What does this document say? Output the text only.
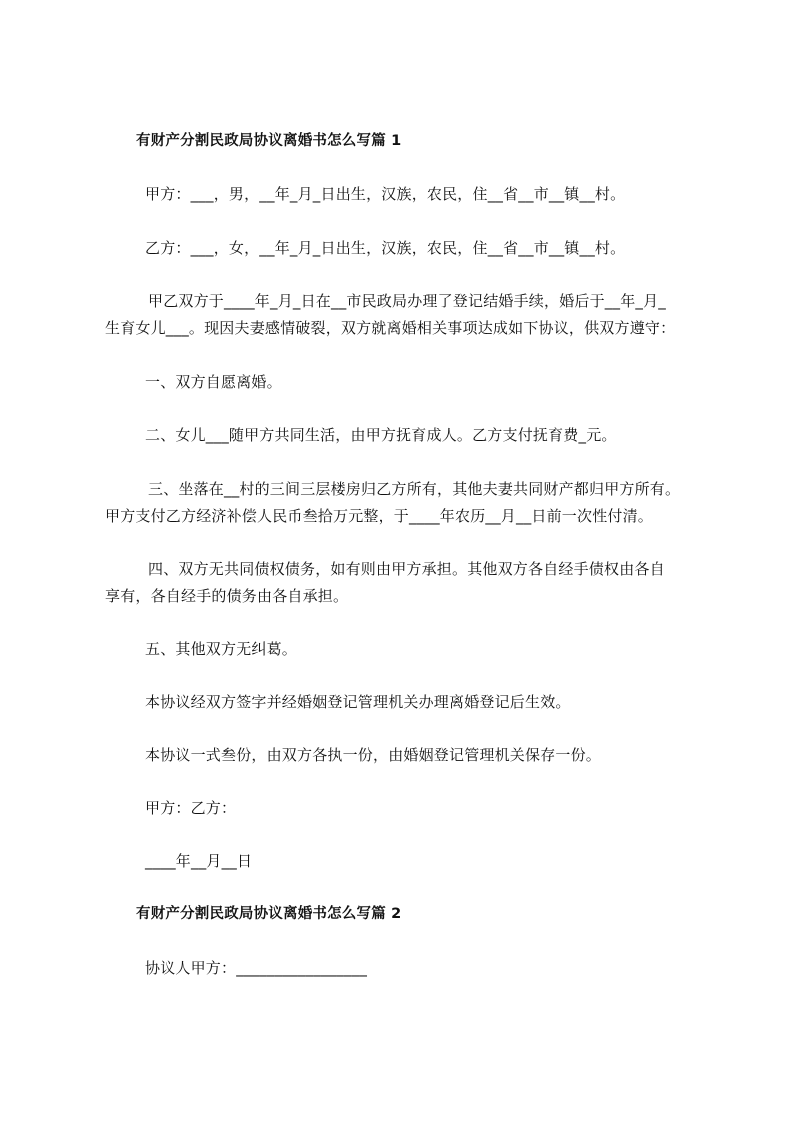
有财产分割民政局协议离婚书怎么写篇 1
甲方：___，男，__年_月_日出生，汉族，农民，住__省__市__镇__村。
乙方：___，女，__年_月_日出生，汉族，农民，住__省__市__镇__村。
甲乙双方于____年_月_日在__市民政局办理了登记结婚手续，婚后于__年_月_
生育女儿___。现因夫妻感情破裂，双方就离婚相关事项达成如下协议，供双方遵守：
一、双方自愿离婚。
二、女儿___随甲方共同生活，由甲方抚育成人。乙方支付抚育费_元。
三、坐落在__村的三间三层楼房归乙方所有，其他夫妻共同财产都归甲方所有。
甲方支付乙方经济补偿人民币叁拾万元整，于____年农历__月__日前一次性付清。
四、双方无共同债权债务，如有则由甲方承担。其他双方各自经手债权由各自
享有，各自经手的债务由各自承担。
五、其他双方无纠葛。
本协议经双方签字并经婚姻登记管理机关办理离婚登记后生效。
本协议一式叁份，由双方各执一份，由婚姻登记管理机关保存一份。
甲方：乙方：
____年__月__日
有财产分割民政局协议离婚书怎么写篇 2
协议人甲方：_________________
